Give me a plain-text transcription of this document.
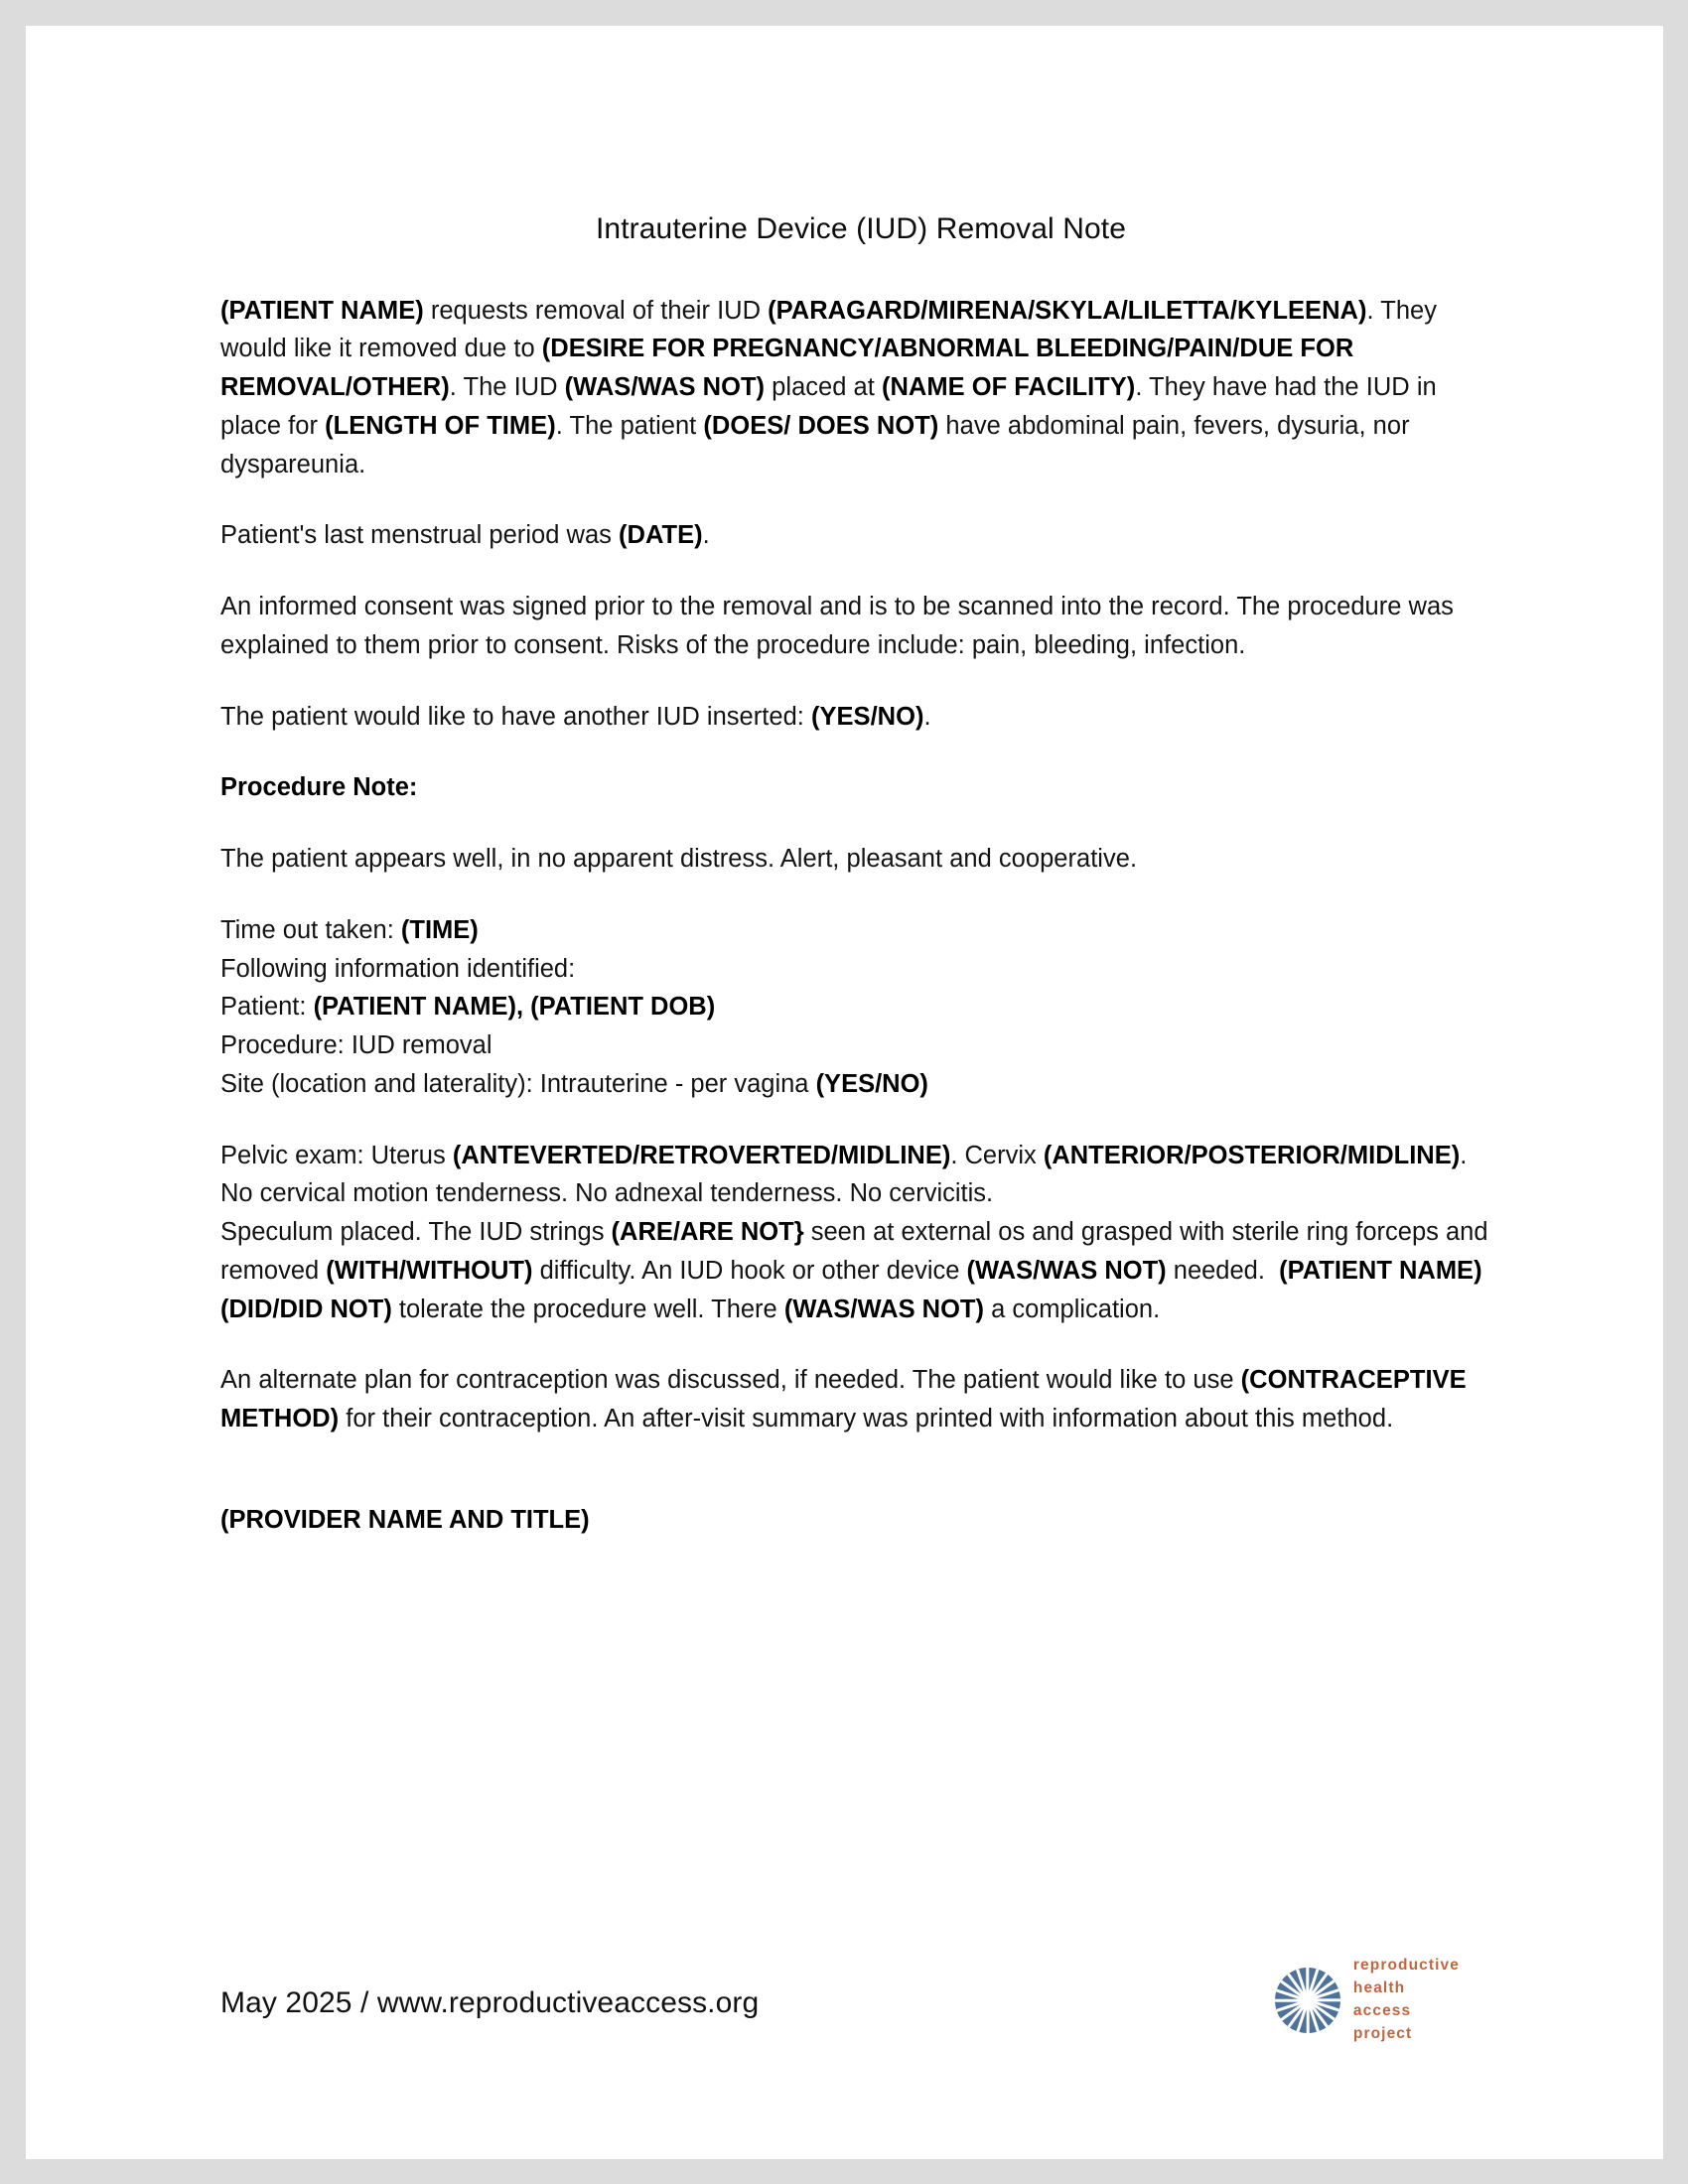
Intrauterine Device (IUD) Removal Note

(PATIENT NAME) requests removal of their IUD (PARAGARD/MIRENA/SKYLA/LILETTA/KYLEENA). They would like it removed due to (DESIRE FOR PREGNANCY/ABNORMAL BLEEDING/PAIN/DUE FOR REMOVAL/OTHER). The IUD (WAS/WAS NOT) placed at (NAME OF FACILITY). They have had the IUD in place for (LENGTH OF TIME). The patient (DOES/ DOES NOT) have abdominal pain, fevers, dysuria, nor dyspareunia.

Patient's last menstrual period was (DATE).

An informed consent was signed prior to the removal and is to be scanned into the record. The procedure was explained to them prior to consent. Risks of the procedure include: pain, bleeding, infection.

The patient would like to have another IUD inserted: (YES/NO).

Procedure Note:

The patient appears well, in no apparent distress. Alert, pleasant and cooperative.

Time out taken: (TIME)
Following information identified:
Patient: (PATIENT NAME), (PATIENT DOB)
Procedure: IUD removal
Site (location and laterality): Intrauterine - per vagina (YES/NO)
Pelvic exam: Uterus (ANTEVERTED/RETROVERTED/MIDLINE). Cervix (ANTERIOR/POSTERIOR/MIDLINE). No cervical motion tenderness. No adnexal tenderness. No cervicitis.
Speculum placed. The IUD strings (ARE/ARE NOT} seen at external os and grasped with sterile ring forceps and removed (WITH/WITHOUT) difficulty. An IUD hook or other device (WAS/WAS NOT) needed.  (PATIENT NAME) (DID/DID NOT) tolerate the procedure well. There (WAS/WAS NOT) a complication.

An alternate plan for contraception was discussed, if needed. The patient would like to use (CONTRACEPTIVE METHOD) for their contraception. An after-visit summary was printed with information about this method.

(PROVIDER NAME AND TITLE)

May 2025 / www.reproductiveaccess.org
reproductive
health
access
project
